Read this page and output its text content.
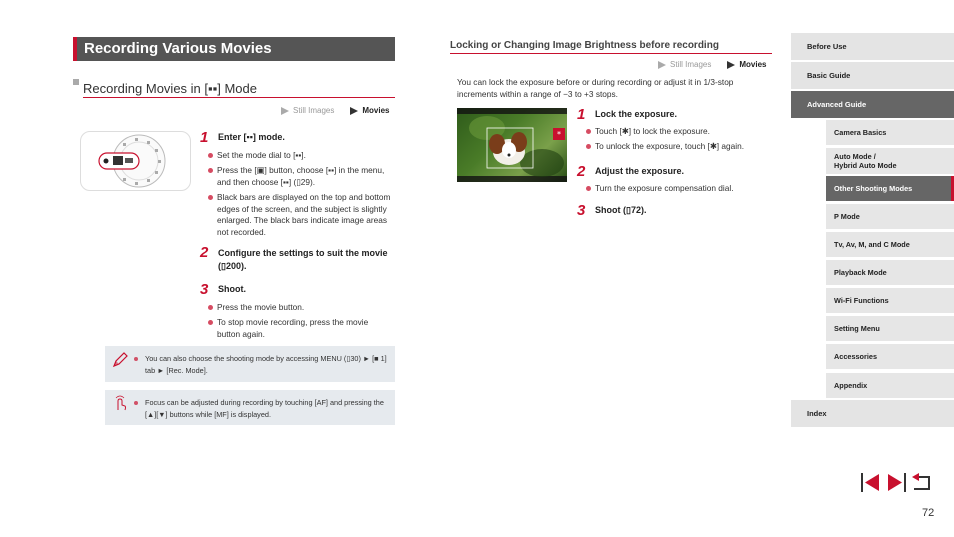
Recording Various Movies
Recording Movies in [▪▪] Mode
Still Images	Movies
1 Enter [▪▪] mode.
Set the mode dial to [▪▪].
Press the [▣] button, choose [▪▪] in the menu, and then choose [▪▪] (▯29).
Black bars are displayed on the top and bottom edges of the screen, and the subject is slightly enlarged. The black bars indicate image areas not recorded.
2 Configure the settings to suit the movie (▯200).
3 Shoot.
Press the movie button.
To stop movie recording, press the movie button again.
You can also choose the shooting mode by accessing MENU (▯30) ► [■ 1] tab ► [Rec. Mode].
Focus can be adjusted during recording by touching [AF] and pressing the [▲][▼] buttons while [MF] is displayed.
Locking or Changing Image Brightness before recording
Still Images	Movies
You can lock the exposure before or during recording or adjust it in 1/3-stop increments within a range of −3 to +3 stops.
*
1 Lock the exposure.
Touch [✱] to lock the exposure.
To unlock the exposure, touch [✱] again.
2 Adjust the exposure.
Turn the exposure compensation dial.
3 Shoot (▯72).
Before Use
Basic Guide
Advanced Guide
Camera Basics
Auto Mode /
Hybrid Auto Mode
Other Shooting Modes
P Mode
Tv, Av, M, and C Mode
Playback Mode
Wi-Fi Functions
Setting Menu
Accessories
Appendix
Index
72
